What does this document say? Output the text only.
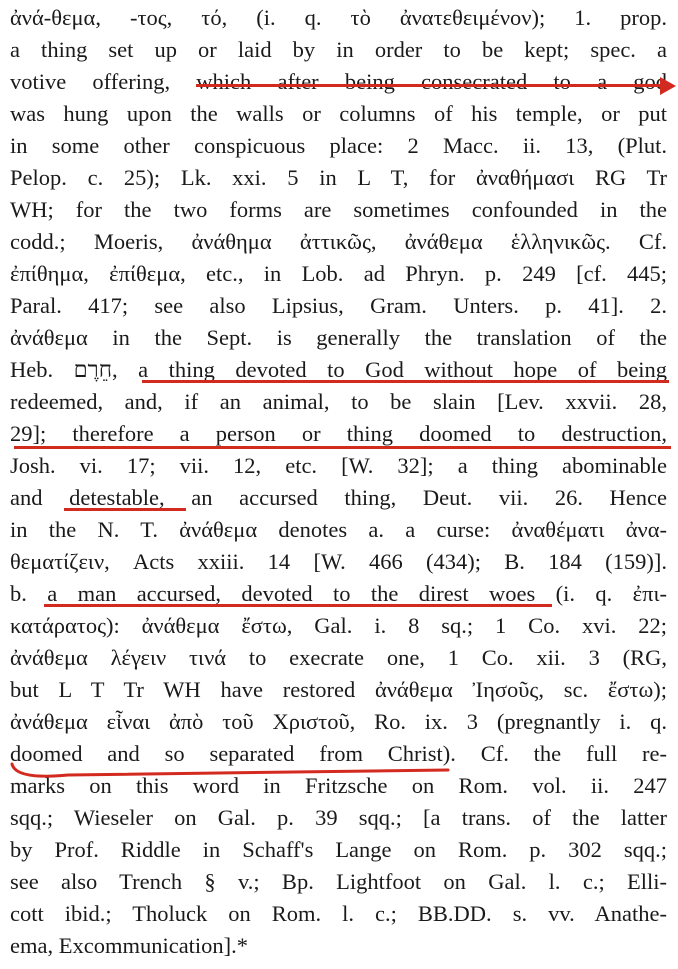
ἀνά-θεμα, -τος, τό, (i. q. τὸ ἀνατεθειμένον); 1. prop.
a thing set up or laid by in order to be kept; spec. a
votive offering, which after being consecrated to a god
was hung upon the walls or columns of his temple, or put
in some other conspicuous place: 2 Macc. ii. 13, (Plut.
Pelop. c. 25); Lk. xxi. 5 in L T, for ἀναθήμασι RG Tr
WH; for the two forms are sometimes confounded in the
codd.; Moeris, ἀνάθημα ἀττικῶς, ἀνάθεμα ἑλληνικῶς. Cf.
ἐπίθημα, ἐπίθεμα, etc., in Lob. ad Phryn. p. 249 [cf. 445;
Paral. 417; see also Lipsius, Gram. Unters. p. 41]. 2.
ἀνάθεμα in the Sept. is generally the translation of the
Heb. חֵרֶם, a thing devoted to God without hope of being
redeemed, and, if an animal, to be slain [Lev. xxvii. 28,
29]; therefore a person or thing doomed to destruction,
Josh. vi. 17; vii. 12, etc. [W. 32]; a thing abominable
and detestable, an accursed thing, Deut. vii. 26. Hence
in the N. T. ἀνάθεμα denotes a. a curse: ἀναθέματι ἀνα-
θεματίζειν, Acts xxiii. 14 [W. 466 (434); B. 184 (159)].
b. a man accursed, devoted to the direst woes (i. q. ἐπι-
κατάρατος): ἀνάθεμα ἔστω, Gal. i. 8 sq.; 1 Co. xvi. 22;
ἀνάθεμα λέγειν τινά to execrate one, 1 Co. xii. 3 (RG,
but L T Tr WH have restored ἀνάθεμα Ἰησοῦς, sc. ἔστω);
ἀνάθεμα εἶναι ἀπὸ τοῦ Χριστοῦ, Ro. ix. 3 (pregnantly i. q.
doomed and so separated from Christ). Cf. the full re-
marks on this word in Fritzsche on Rom. vol. ii. 247
sqq.; Wieseler on Gal. p. 39 sqq.; [a trans. of the latter
by Prof. Riddle in Schaff's Lange on Rom. p. 302 sqq.;
see also Trench § v.; Bp. Lightfoot on Gal. l. c.; Elli-
cott ibid.; Tholuck on Rom. l. c.; BB.DD. s. vv. Anathe-
ema, Excommunication].*
